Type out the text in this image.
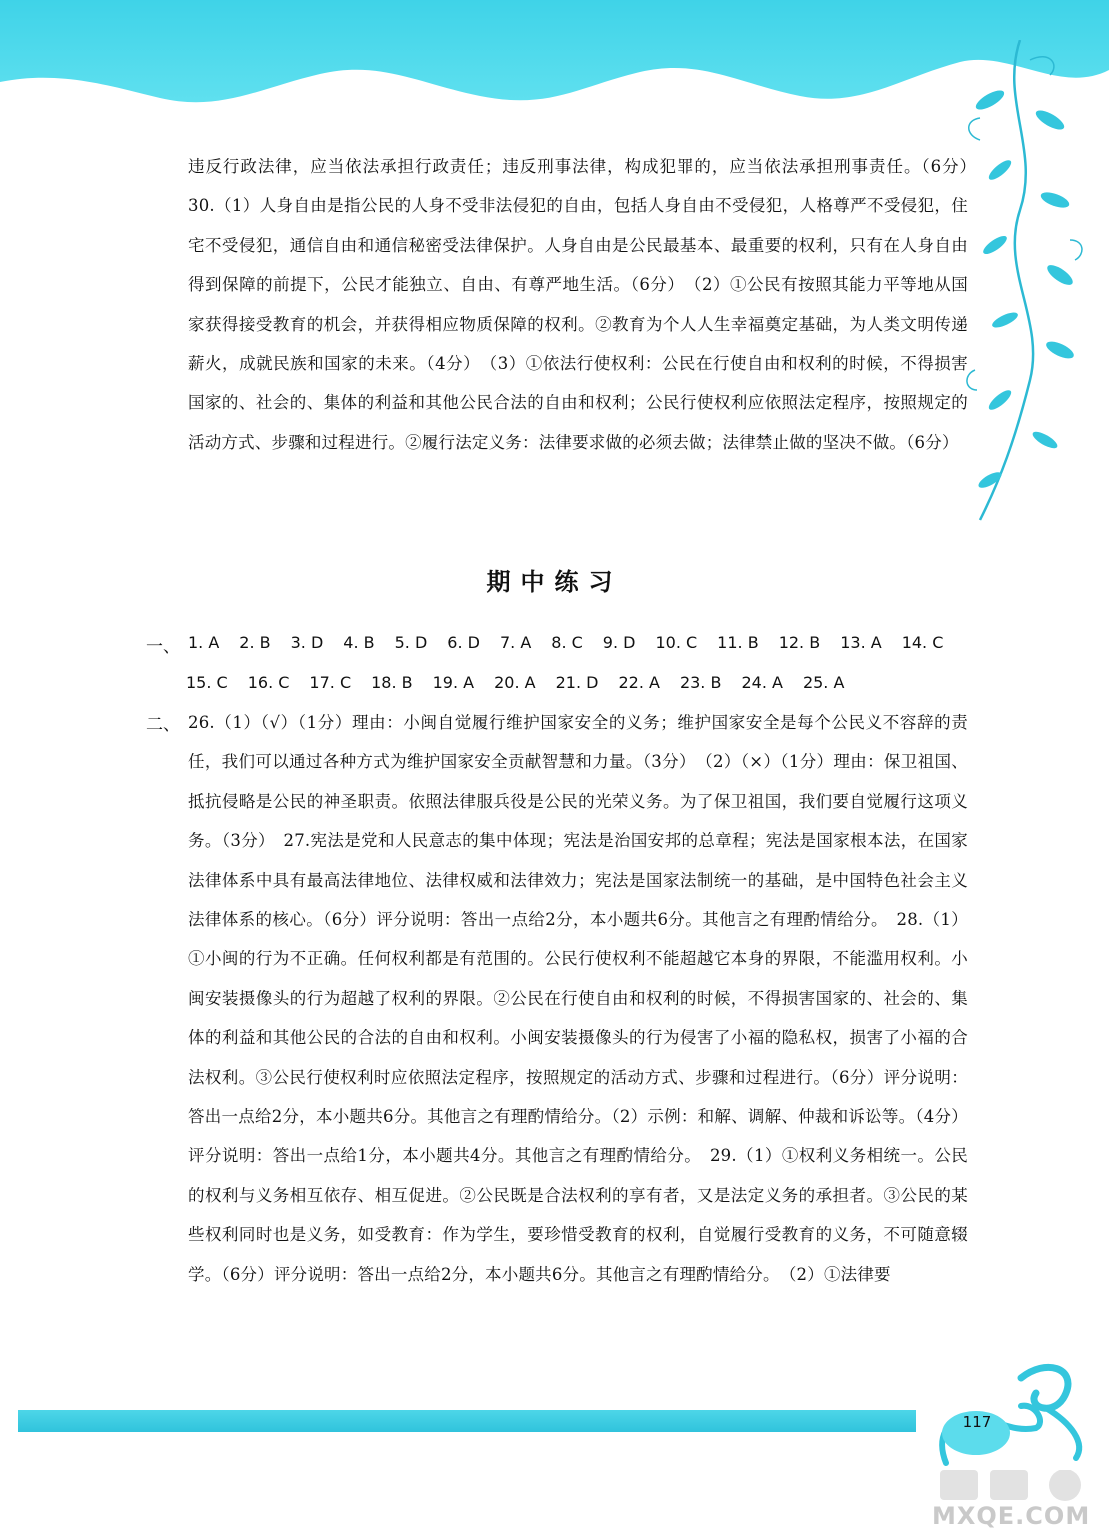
违反行政法律，应当依法承担行政责任；违反刑事法律，构成犯罪的，应当依法承担刑事责任。（6分）　30.（1）人身自由是指公民的人身不受非法侵犯的自由，包括人身自由不受侵犯，人格尊严不受侵犯，住宅不受侵犯，通信自由和通信秘密受法律保护。人身自由是公民最基本、最重要的权利，只有在人身自由得到保障的前提下，公民才能独立、自由、有尊严地生活。（6分）　（2）①公民有按照其能力平等地从国家获得接受教育的机会，并获得相应物质保障的权利。②教育为个人人生幸福奠定基础，为人类文明传递薪火，成就民族和国家的未来。（4分）　（3）①依法行使权利：公民在行使自由和权利的时候，不得损害国家的、社会的、集体的利益和其他公民合法的自由和权利；公民行使权利应依照法定程序，按照规定的活动方式、步骤和过程进行。②履行法定义务：法律要求做的必须去做；法律禁止做的坚决不做。（6分）
期中练习
一、 1. A 2. B 3. D 4. B 5. D 6. D 7. A 8. C 9. D 10. C 11. B 12. B 13. A 14. C
15. C 16. C 17. C 18. B 19. A 20. A 21. D 22. A 23. B 24. A 25. A
二、 26.（1）（√）（1分）理由：小闽自觉履行维护国家安全的义务；维护国家安全是每个公民义不容辞的责任，我们可以通过各种方式为维护国家安全贡献智慧和力量。（3分）　（2）（×）（1分）理由：保卫祖国、抵抗侵略是公民的神圣职责。依照法律服兵役是公民的光荣义务。为了保卫祖国，我们要自觉履行这项义务。（3分）　27.宪法是党和人民意志的集中体现；宪法是治国安邦的总章程；宪法是国家根本法，在国家法律体系中具有最高法律地位、法律权威和法律效力；宪法是国家法制统一的基础，是中国特色社会主义法律体系的核心。（6分）评分说明：答出一点给2分，本小题共6分。其他言之有理酌情给分。　28.（1）①小闽的行为不正确。任何权利都是有范围的。公民行使权利不能超越它本身的界限，不能滥用权利。小闽安装摄像头的行为超越了权利的界限。②公民在行使自由和权利的时候，不得损害国家的、社会的、集体的利益和其他公民的合法的自由和权利。小闽安装摄像头的行为侵害了小福的隐私权，损害了小福的合法权利。③公民行使权利时应依照法定程序，按照规定的活动方式、步骤和过程进行。（6分）评分说明：答出一点给2分，本小题共6分。其他言之有理酌情给分。（2）示例：和解、调解、仲裁和诉讼等。（4分）评分说明：答出一点给1分，本小题共4分。其他言之有理酌情给分。　29.（1）①权利义务相统一。公民的权利与义务相互依存、相互促进。②公民既是合法权利的享有者，又是法定义务的承担者。③公民的某些权利同时也是义务，如受教育：作为学生，要珍惜受教育的权利，自觉履行受教育的义务，不可随意辍学。（6分）评分说明：答出一点给2分，本小题共6分。其他言之有理酌情给分。　（2）①法律要
117
MXQE.COM
